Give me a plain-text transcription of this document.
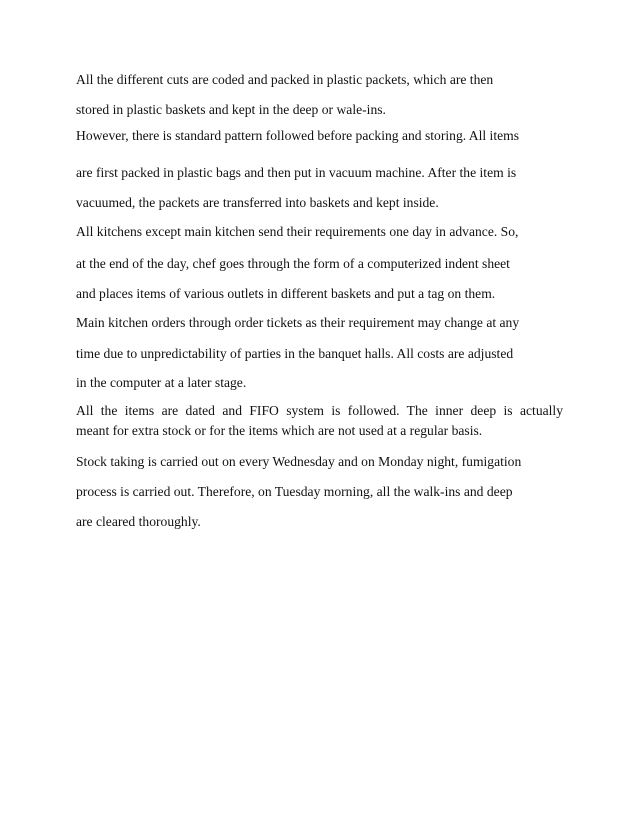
All the different cuts are coded and packed in plastic packets, which are then

stored in plastic baskets and kept in the deep or wale-ins.

However, there is standard pattern followed before packing and storing. All items

are first packed in plastic bags and then put in vacuum machine. After the item is

vacuumed, the packets are transferred into baskets and kept inside.

All kitchens except main kitchen send their requirements one day in advance. So,

at the end of the day, chef goes through the form of a computerized indent sheet

and places items of various outlets in different baskets and put a tag on them.

Main kitchen orders through order tickets as their requirement may change at any

time due to unpredictability of parties in the banquet halls. All costs are adjusted

in the computer at a later stage.

All the items are dated and FIFO system is followed. The inner deep is actually

meant for extra stock or for the items which are not used at a regular basis.

Stock taking is carried out on every Wednesday and on Monday night, fumigation

process is carried out. Therefore, on Tuesday morning, all the walk-ins and deep

are cleared thoroughly.
